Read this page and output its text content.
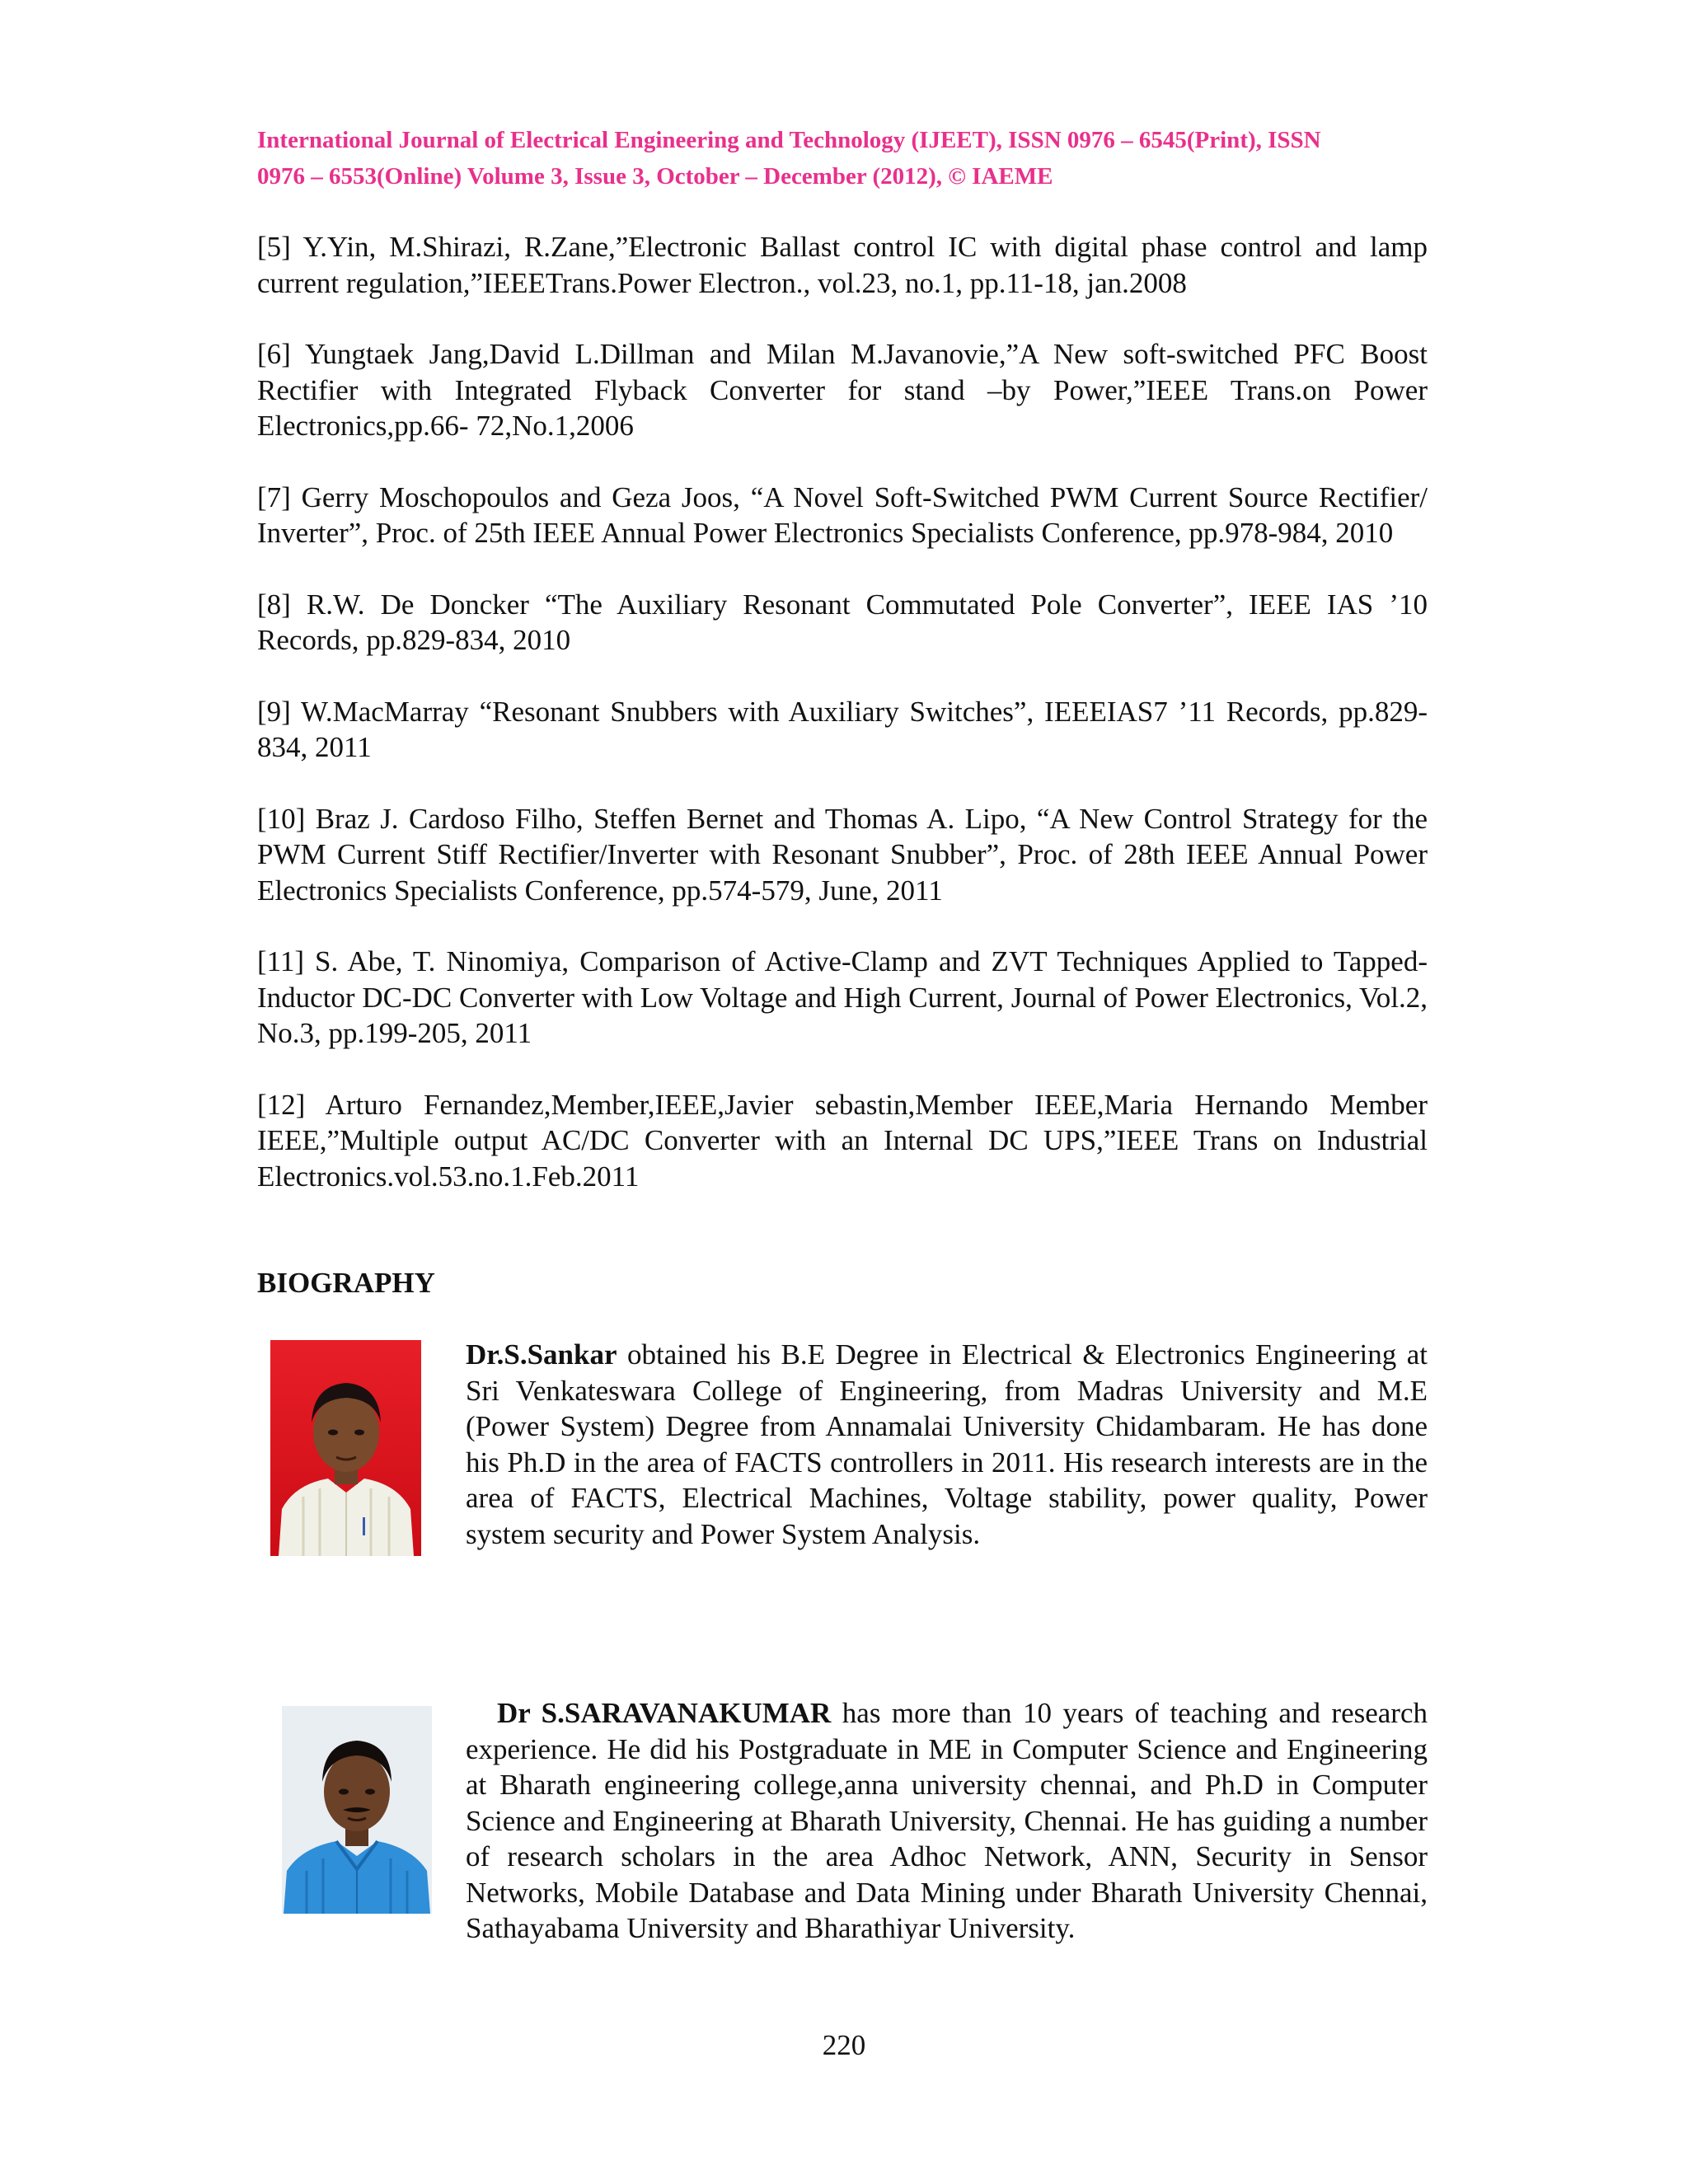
International Journal of Electrical Engineering and Technology (IJEET), ISSN 0976 – 6545(Print), ISSN
0976 – 6553(Online) Volume 3, Issue 3, October – December (2012), © IAEME

[5] Y.Yin, M.Shirazi, R.Zane,”Electronic Ballast control IC with digital phase control and lamp current regulation,”IEEETrans.Power Electron., vol.23, no.1, pp.11-18, jan.2008

[6] Yungtaek Jang,David L.Dillman and Milan M.Javanovie,”A New soft-switched PFC Boost Rectifier with Integrated Flyback Converter for stand –by Power,”IEEE Trans.on Power Electronics,pp.66- 72,No.1,2006

[7] Gerry Moschopoulos and Geza Joos, “A Novel Soft-Switched PWM Current Source Rectifier/ Inverter”, Proc. of 25th IEEE Annual Power Electronics Specialists Conference, pp.978-984, 2010

[8] R.W. De Doncker “The Auxiliary Resonant Commutated Pole Converter”, IEEE IAS ’10 Records, pp.829-834, 2010

[9] W.MacMarray “Resonant Snubbers with Auxiliary Switches”, IEEEIAS7 ’11 Records, pp.829-834, 2011

[10] Braz J. Cardoso Filho, Steffen Bernet and Thomas A. Lipo, “A New Control Strategy for the PWM Current Stiff Rectifier/Inverter with Resonant Snubber”, Proc. of 28th IEEE Annual Power Electronics Specialists Conference, pp.574-579, June, 2011

[11] S. Abe, T. Ninomiya, Comparison of Active-Clamp and ZVT Techniques Applied to Tapped-Inductor DC-DC Converter with Low Voltage and High Current, Journal of Power Electronics, Vol.2, No.3, pp.199-205, 2011

[12] Arturo Fernandez,Member,IEEE,Javier sebastin,Member IEEE,Maria Hernando Member IEEE,”Multiple output AC/DC Converter with an Internal DC UPS,”IEEE Trans on Industrial Electronics.vol.53.no.1.Feb.2011

BIOGRAPHY
Dr.S.Sankar obtained his B.E Degree in Electrical & Electronics Engineering at Sri Venkateswara College of Engineering, from Madras University and M.E (Power System) Degree from Annamalai University Chidambaram. He has done his Ph.D in the area of FACTS controllers in 2011. His research interests are in the area of FACTS, Electrical Machines, Voltage stability, power quality, Power system security and Power System Analysis.
Dr S.SARAVANAKUMAR has more than 10 years of teaching and research experience. He did his Postgraduate in ME in Computer Science and Engineering at Bharath engineering college,anna university chennai, and Ph.D in Computer Science and Engineering at Bharath University, Chennai. He has guiding a number of research scholars in the area Adhoc Network, ANN, Security in Sensor Networks, Mobile Database and Data Mining under Bharath University Chennai, Sathayabama University and Bharathiyar University.
220
